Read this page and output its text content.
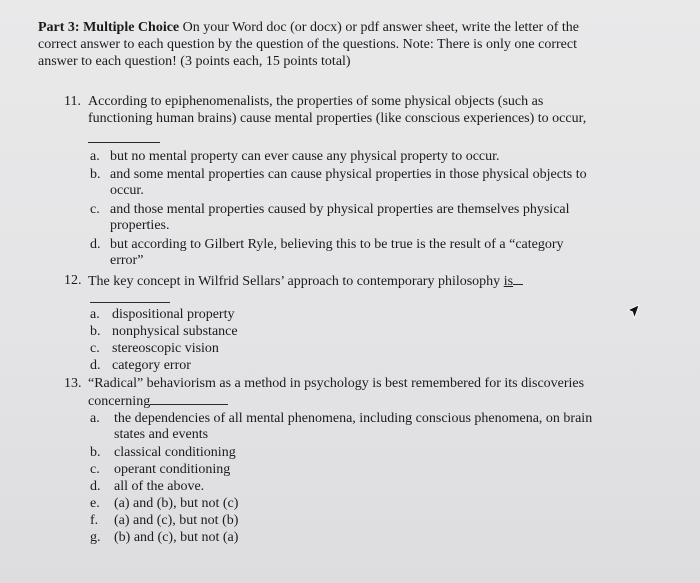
Part 3: Multiple Choice On your Word doc (or docx) or pdf answer sheet, write the letter of the
correct answer to each question by the question of the questions. Note: There is only one correct
answer to each question! (3 points each, 15 points total)
11. According to epiphenomenalists, the properties of some physical objects (such as
functioning human brains) cause mental properties (like conscious experiences) to occur,
a. but no mental property can ever cause any physical property to occur.
b. and some mental properties can cause physical properties in those physical objects to
occur.
c. and those mental properties caused by physical properties are themselves physical
properties.
d. but according to Gilbert Ryle, believing this to be true is the result of a “category
error”
12. The key concept in Wilfrid Sellars’ approach to contemporary philosophy is
a. dispositional property
b. nonphysical substance
c. stereoscopic vision
d. category error
13. “Radical” behaviorism as a method in psychology is best remembered for its discoveries
concerning
a. the dependencies of all mental phenomena, including conscious phenomena, on brain
states and events
b. classical conditioning
c. operant conditioning
d. all of the above.
e. (a) and (b), but not (c)
f. (a) and (c), but not (b)
g. (b) and (c), but not (a)
